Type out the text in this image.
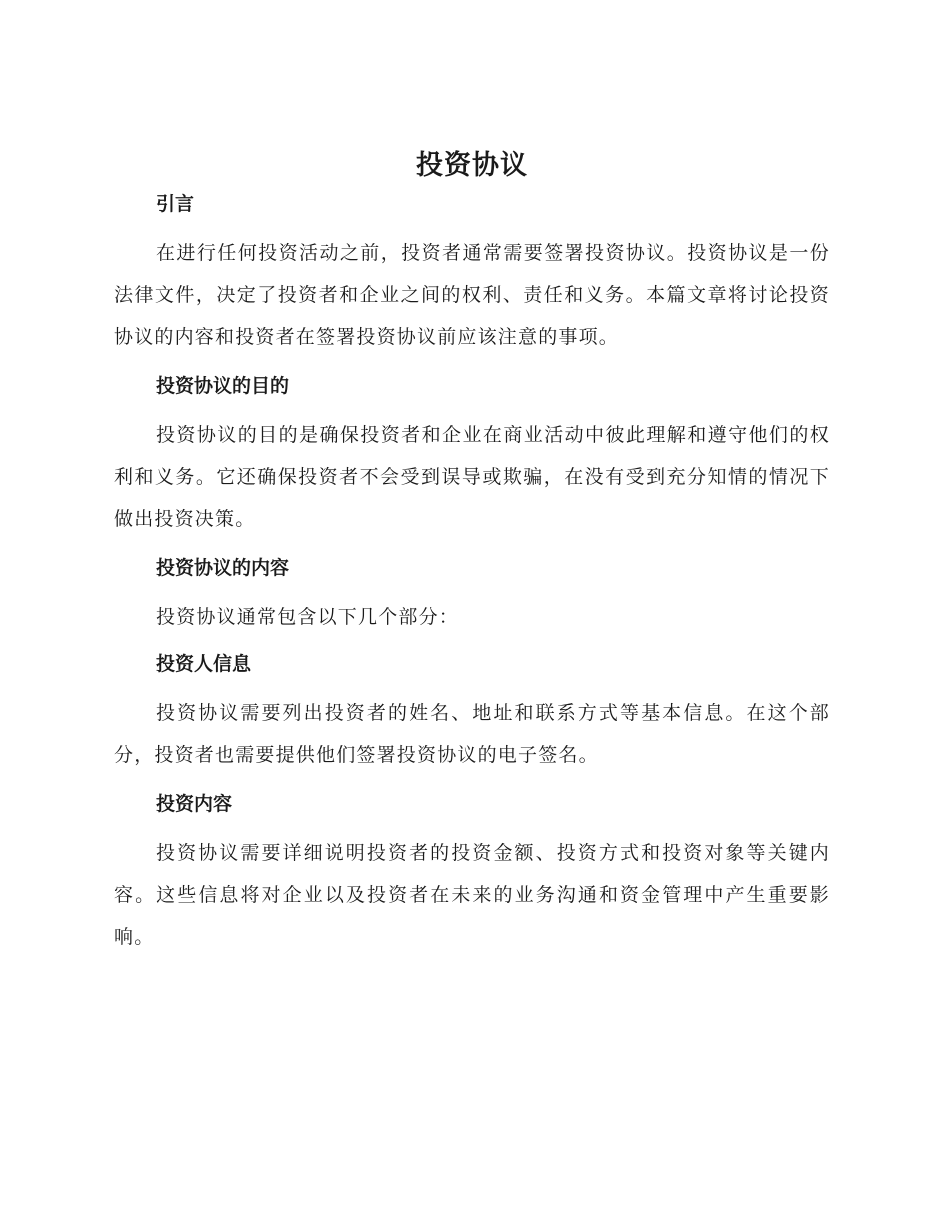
投资协议
引言

在进行任何投资活动之前，投资者通常需要签署投资协议。投资协议是一份法律文件，决定了投资者和企业之间的权利、责任和义务。本篇文章将讨论投资协议的内容和投资者在签署投资协议前应该注意的事项。

投资协议的目的

投资协议的目的是确保投资者和企业在商业活动中彼此理解和遵守他们的权利和义务。它还确保投资者不会受到误导或欺骗，在没有受到充分知情的情况下做出投资决策。

投资协议的内容

投资协议通常包含以下几个部分：

投资人信息

投资协议需要列出投资者的姓名、地址和联系方式等基本信息。在这个部分，投资者也需要提供他们签署投资协议的电子签名。

投资内容

投资协议需要详细说明投资者的投资金额、投资方式和投资对象等关键内容。这些信息将对企业以及投资者在未来的业务沟通和资金管理中产生重要影响。
